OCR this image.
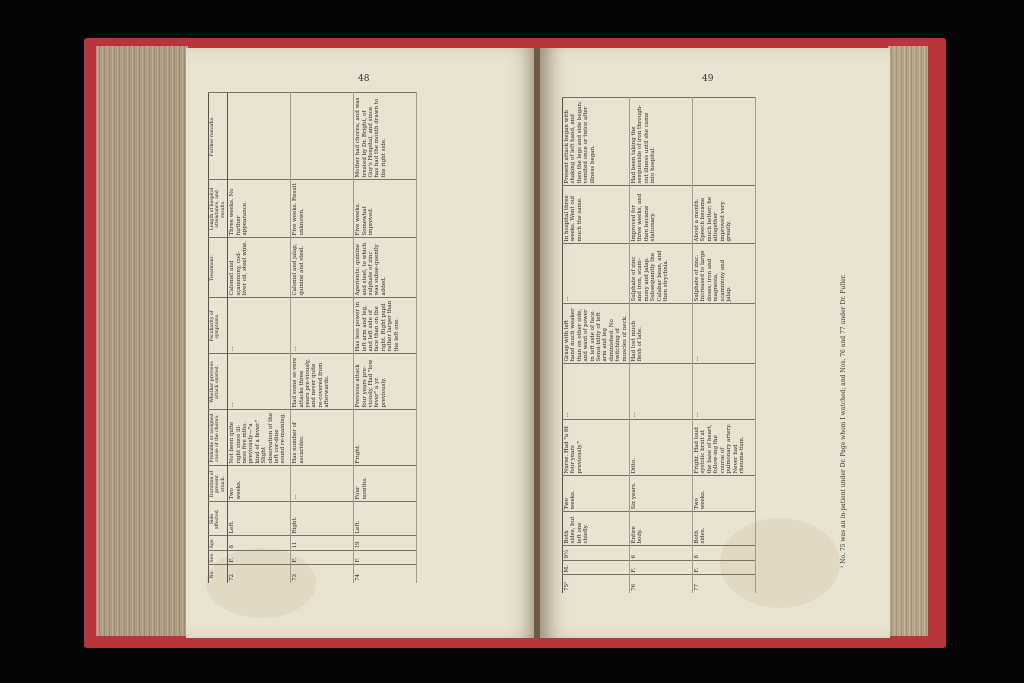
48
No.	Sex.	Age.	Side affected.	Duration of present attack.	Probable or assigned cause of the chorea.	Whether previous attack existed.	Peculiarity of symptoms.	Treatment.	Length of hospital attendance, and results.	Further remarks.
72	F.	8	Left.	Two weeks.	Not been quite right since ill-ness five mths. previously—"a kind of a fever." Slight observation of the left cor-dine sound re-maining.	...	...	Calomel and scammony, cod-liver oil, steel wine.	Three weeks. No further appearance.	
73	F.	11	Right.	...	Has number of ascarides.	Had some se-vere attacks three years pre-viously, and never quite re-covered from afterwards.	...	Calomel and jalap, quinine and steel.	Five weeks. Result unknown.	
74	F.	19	Left.	Four months.	Fright.	Previous attack four years pre-viously. Had "low fever" a yr. previously.	Has less power in left arm and leg, and left side of face than on the right. Right pupil rather larger than the left one.	Aperients; quinine and steel, to which sulphate of zinc was subse-quently added.	Five weeks. Somewhat improved.	Mother had chorea, and was treated by Dr. Bright, of Guy's Hospital, and since has had the mouth drawn to the right side.
49
75¹	M.	9½	Both sides, but left one chiefly.	Two weeks.	Nurse. Had "a fit four years previously."	...	Grasp with left hand much weaker than on other side, and want of power in left side of face. Sensi-bility of left arm and leg diminished. No twitching of muscles of neck.	...	In hospital three weeks. Went out much the same.	Present attack began with shaking of left hand, and then the legs and side began; vomited once or twice after illness began.
76	F.	6	Entire body.	Six years.	Ditto.	...	Had lost much flesh of late.	Sulphate of zinc and iron, scam-mony and jalap. Subsequently the Calabar bean, and then strychnia.	Improved for three weeks, and then became stationary.	Had been taking the sesquioxide of iron through-out illness until she came into hospital.
77	F.	8	Both sides.	Two weeks.	Fright. Had loud systolic bruit at the base of heart, follow-ing the course of pulmonary artery. Never had rheuma-tism.	...	...	Sulphate of zinc. Increased to large doses; iron and magnesia, scammony and jalap.	About a month. Speech became much better; he altogether improved very greatly.	
¹ No. 75 was an in-patient under Dr. Page whom I watched; and Nos. 76 and 77 under Dr. Fuller.
